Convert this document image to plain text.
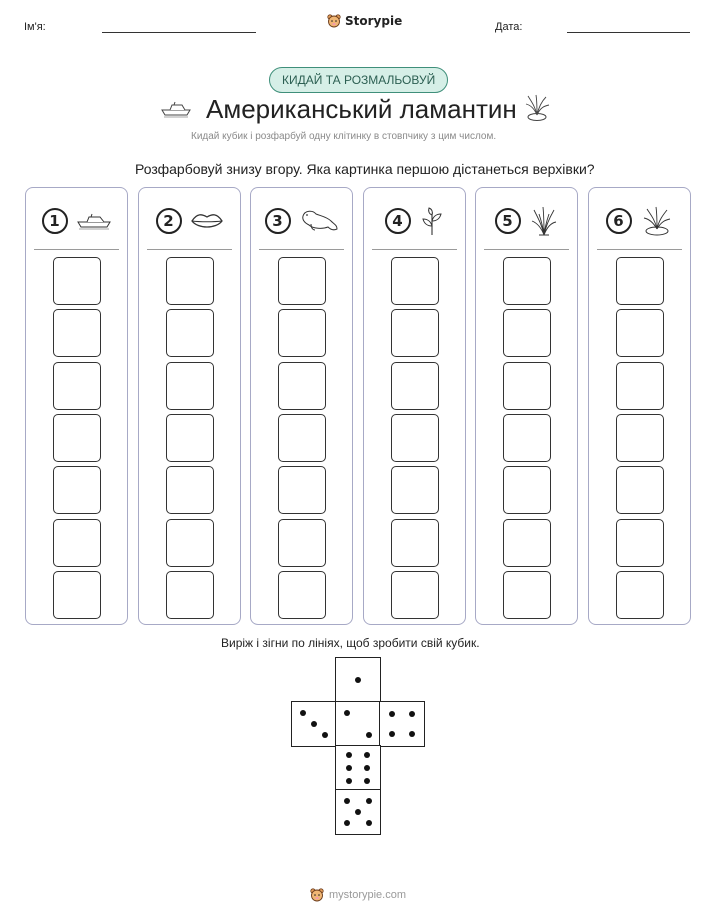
Ім'я:	Storypie	Дата:
КИДАЙ ТА РОЗМАЛЬОВУЙ
Американський ламантин
Кидай кубик і розфарбуй одну клітинку в стовпчику з цим числом.
Розфарбовуй знизу вгору. Яка картинка першою дістанеться верхівки?
1	2	3	4	5	6
Виріж і зігни по лініях, щоб зробити свій кубик.
mystorypie.com
